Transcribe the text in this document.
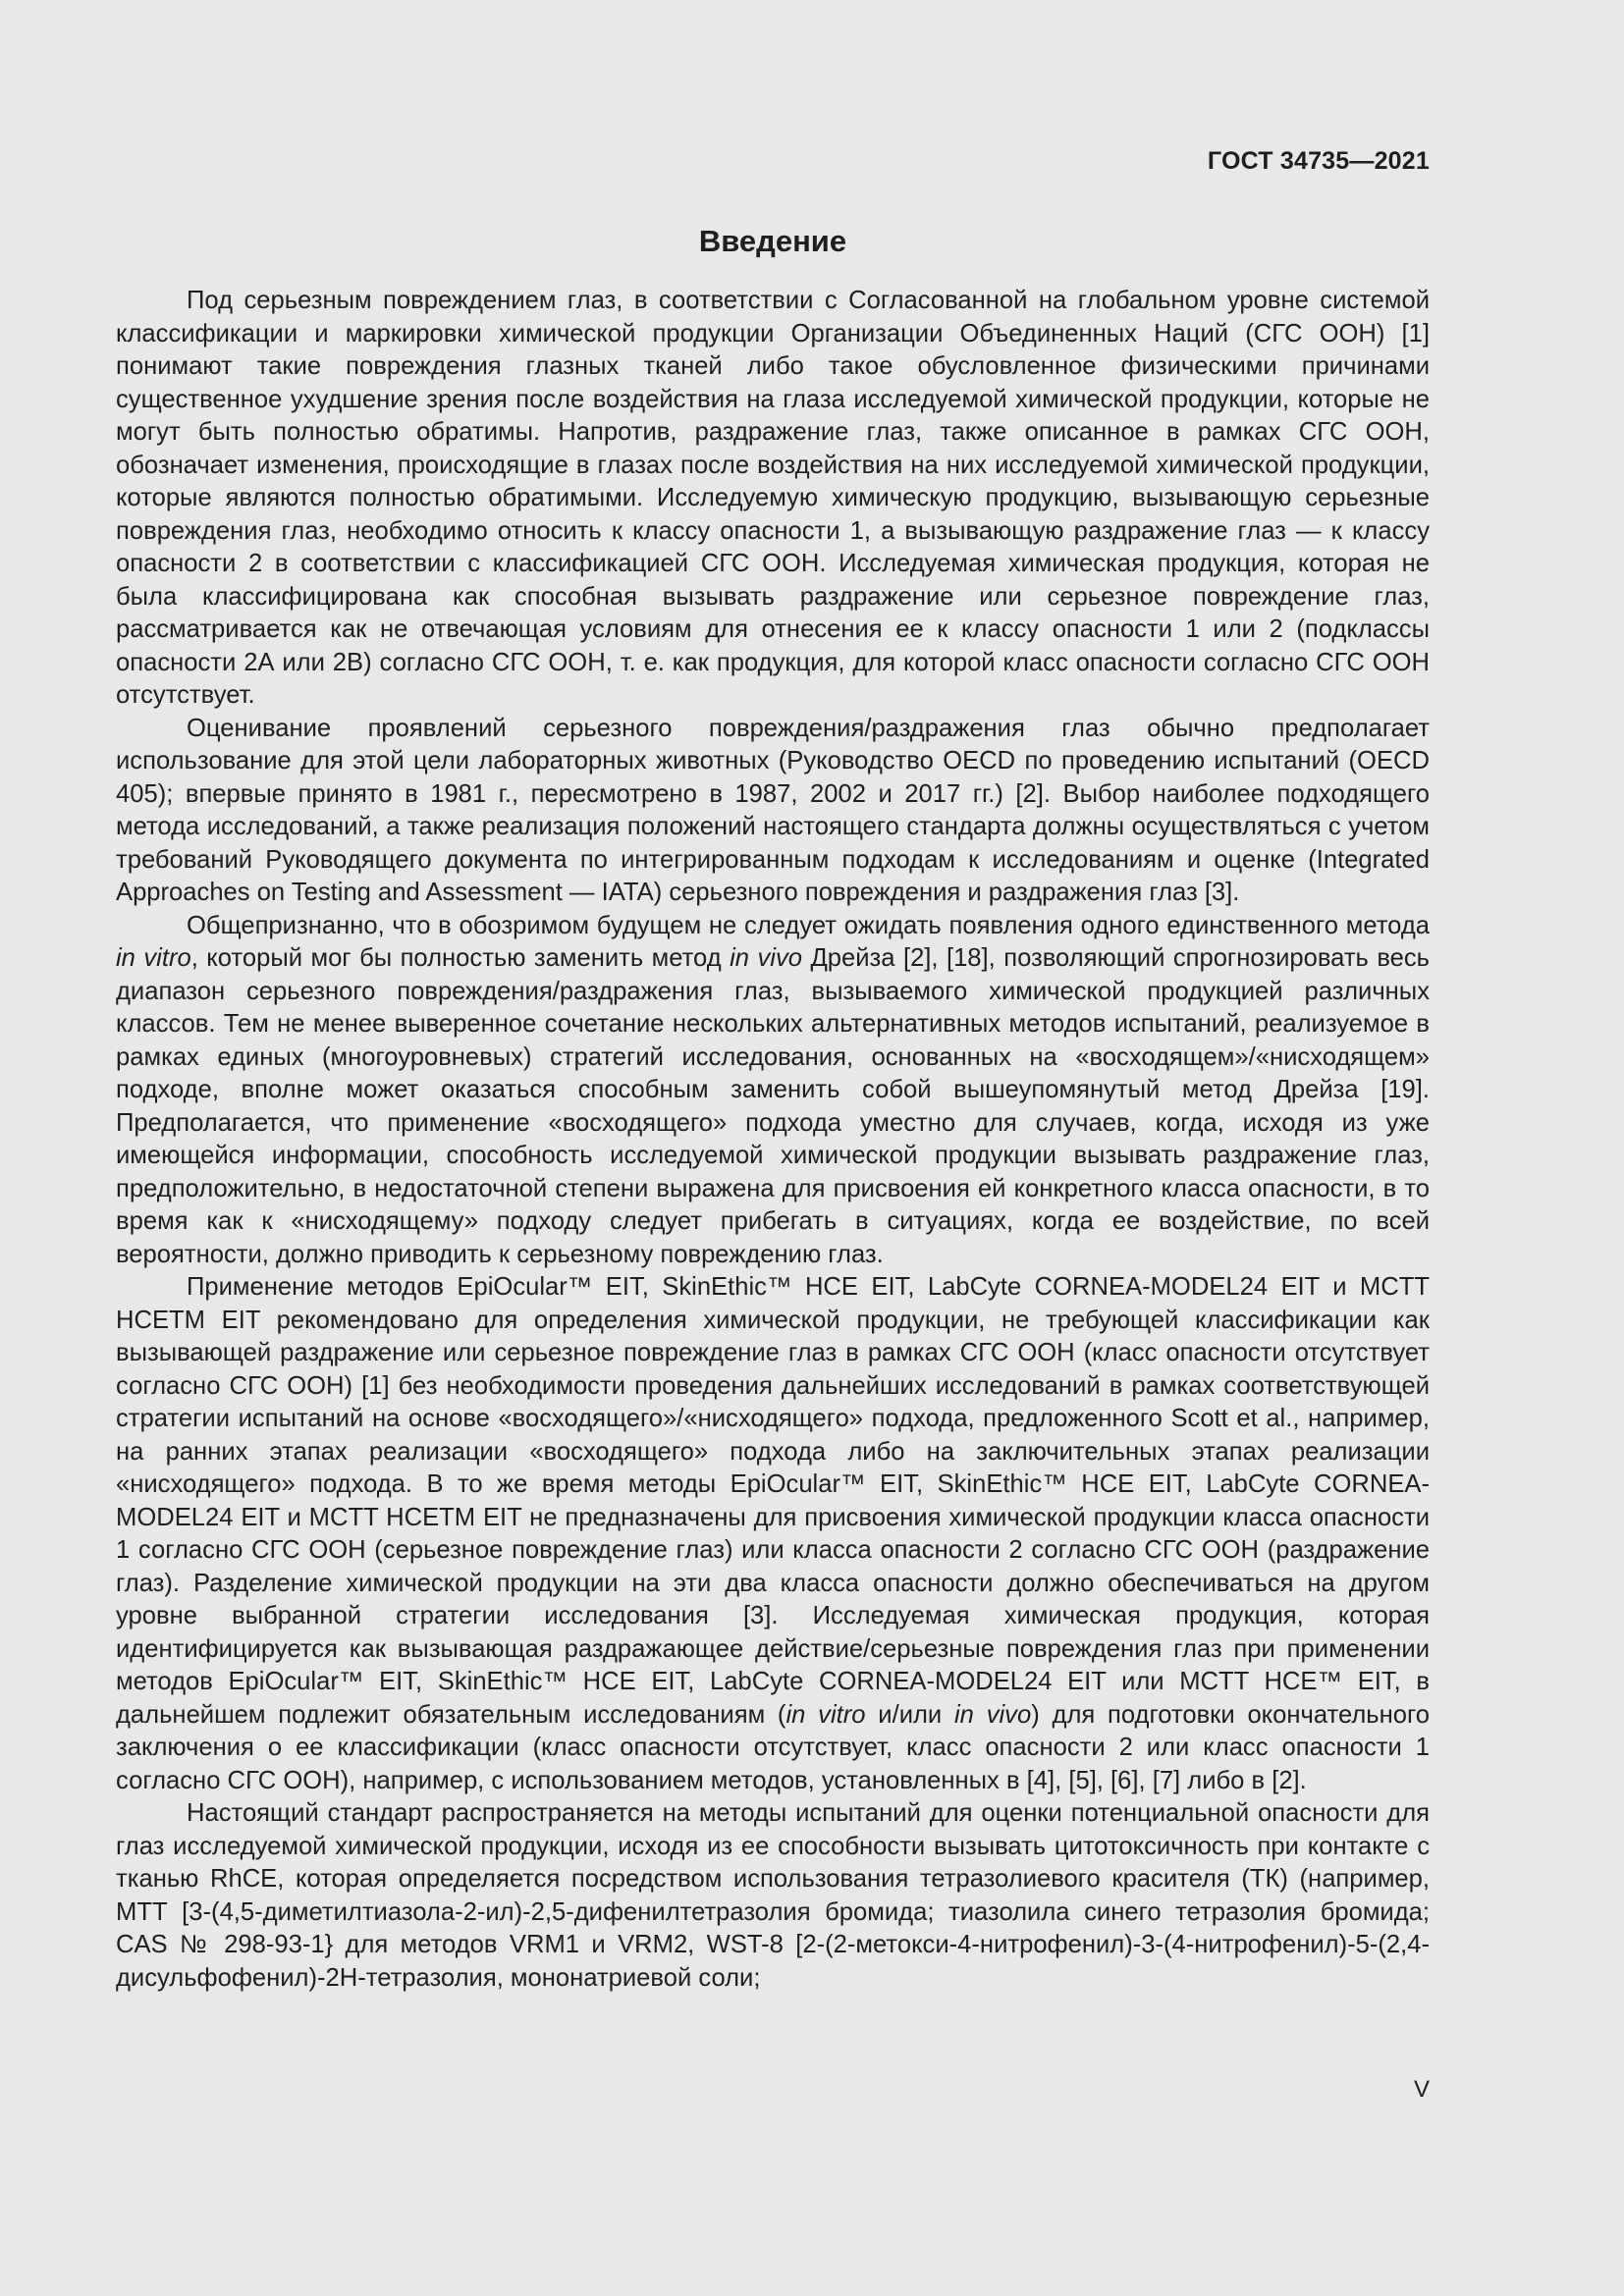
ГОСТ 34735—2021
Введение

Под серьезным повреждением глаз, в соответствии с Согласованной на глобальном уровне системой классификации и маркировки химической продукции Организации Объединенных Наций (СГС ООН) [1] понимают такие повреждения глазных тканей либо такое обусловленное физическими причинами существенное ухудшение зрения после воздействия на глаза исследуемой химической продукции, которые не могут быть полностью обратимы. Напротив, раздражение глаз, также описанное в рамках СГС ООН, обозначает изменения, происходящие в глазах после воздействия на них исследуемой химической продукции, которые являются полностью обратимыми. Исследуемую химическую продукцию, вызывающую серьезные повреждения глаз, необходимо относить к классу опасности 1, а вызывающую раздражение глаз — к классу опасности 2 в соответствии с классификацией СГС ООН. Исследуемая химическая продукция, которая не была классифицирована как способная вызывать раздражение или серьезное повреждение глаз, рассматривается как не отвечающая условиям для отнесения ее к классу опасности 1 или 2 (подклассы опасности 2А или 2В) согласно СГС ООН, т. е. как продукция, для которой класс опасности согласно СГС ООН отсутствует.

Оценивание проявлений серьезного повреждения/раздражения глаз обычно предполагает использование для этой цели лабораторных животных (Руководство OECD по проведению испытаний (OECD 405); впервые принято в 1981 г., пересмотрено в 1987, 2002 и 2017 гг.) [2]. Выбор наиболее подходящего метода исследований, а также реализация положений настоящего стандарта должны осуществляться с учетом требований Руководящего документа по интегрированным подходам к исследованиям и оценке (Integrated Approaches on Testing and Assessment — IATA) серьезного повреждения и раздражения глаз [3].

Общепризнанно, что в обозримом будущем не следует ожидать появления одного единственного метода in vitro, который мог бы полностью заменить метод in vivo Дрейза [2], [18], позволяющий спрогнозировать весь диапазон серьезного повреждения/раздражения глаз, вызываемого химической продукцией различных классов. Тем не менее выверенное сочетание нескольких альтернативных методов испытаний, реализуемое в рамках единых (многоуровневых) стратегий исследования, основанных на «восходящем»/«нисходящем» подходе, вполне может оказаться способным заменить собой вышеупомянутый метод Дрейза [19]. Предполагается, что применение «восходящего» подхода уместно для случаев, когда, исходя из уже имеющейся информации, способность исследуемой химической продукции вызывать раздражение глаз, предположительно, в недостаточной степени выражена для присвоения ей конкретного класса опасности, в то время как к «нисходящему» подходу следует прибегать в ситуациях, когда ее воздействие, по всей вероятности, должно приводить к серьезному повреждению глаз.

Применение методов EpiOcular™ EIT, SkinEthic™ HCE EIT, LabCyte CORNEA-MODEL24 EIT и MCTT HCETM EIT рекомендовано для определения химической продукции, не требующей классификации как вызывающей раздражение или серьезное повреждение глаз в рамках СГС ООН (класс опасности отсутствует согласно СГС ООН) [1] без необходимости проведения дальнейших исследований в рамках соответствующей стратегии испытаний на основе «восходящего»/«нисходящего» подхода, предложенного Scott et al., например, на ранних этапах реализации «восходящего» подхода либо на заключительных этапах реализации «нисходящего» подхода. В то же время методы EpiOcular™ EIT, SkinEthic™ HCE EIT, LabCyte CORNEA-MODEL24 EIT и MCTT HCETM EIT не предназначены для присвоения химической продукции класса опасности 1 согласно СГС ООН (серьезное повреждение глаз) или класса опасности 2 согласно СГС ООН (раздражение глаз). Разделение химической продукции на эти два класса опасности должно обеспечиваться на другом уровне выбранной стратегии исследования [3]. Исследуемая химическая продукция, которая идентифицируется как вызывающая раздражающее действие/серьезные повреждения глаз при применении методов EpiOcular™ EIT, SkinEthic™ HCE EIT, LabCyte CORNEA-MODEL24 EIT или MCTT HCE™ EIT, в дальнейшем подлежит обязательным исследованиям (in vitro и/или in vivo) для подготовки окончательного заключения о ее классификации (класс опасности отсутствует, класс опасности 2 или класс опасности 1 согласно СГС ООН), например, с использованием методов, установленных в [4], [5], [6], [7] либо в [2].

Настоящий стандарт распространяется на методы испытаний для оценки потенциальной опасности для глаз исследуемой химической продукции, исходя из ее способности вызывать цитотоксичность при контакте с тканью RhCE, которая определяется посредством использования тетразолиевого красителя (ТК) (например, МТТ [3-(4,5-диметилтиазола-2-ил)-2,5-дифенилтетразолия бромида; тиазолила синего тетразолия бромида; CAS № 298-93-1} для методов VRM1 и VRM2, WST-8 [2-(2-метокси-4-нитрофенил)-3-(4-нитрофенил)-5-(2,4-дисульфофенил)-2H-тетразолия, мононатриевой соли;

V
